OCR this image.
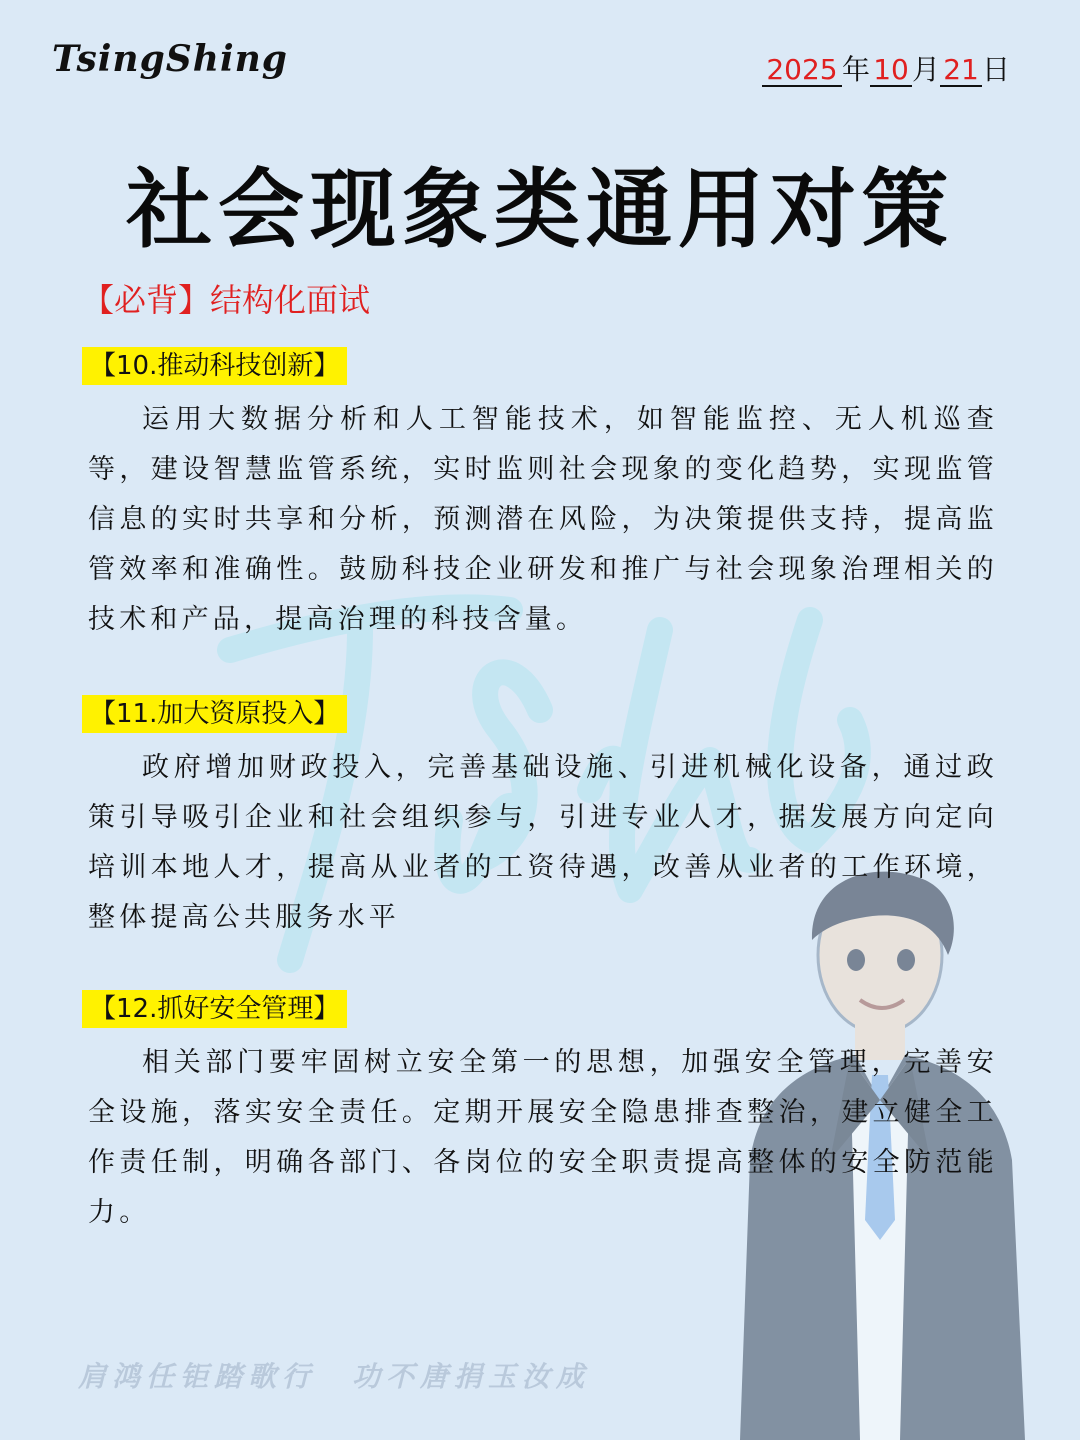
TsingShing	2025 年 10 月 21 日
社会现象类通用对策
【必背】结构化面试
【10.推动科技创新】

运用大数据分析和人工智能技术，如智能监控、无人机巡查等，建设智慧监管系统，实时监则社会现象的变化趋势，实现监管信息的实时共享和分析，预测潜在风险，为决策提供支持，提高监管效率和准确性。鼓励科技企业研发和推广与社会现象治理相关的技术和产品，提高治理的科技含量。

【11.加大资原投入】

政府增加财政投入，完善基础设施、引进机械化设备，通过政策引导吸引企业和社会组织参与，引进专业人才，据发展方向定向培训本地人才，提高从业者的工资待遇，改善从业者的工作环境，整体提高公共服务水平

【12.抓好安全管理】

相关部门要牢固树立安全第一的思想，加强安全管理，完善安全设施，落实安全责任。定期开展安全隐患排查整治，建立健全工作责任制，明确各部门、各岗位的安全职责提高整体的安全防范能力。

肩鸿任钜踏歌行 功不唐捐玉汝成
